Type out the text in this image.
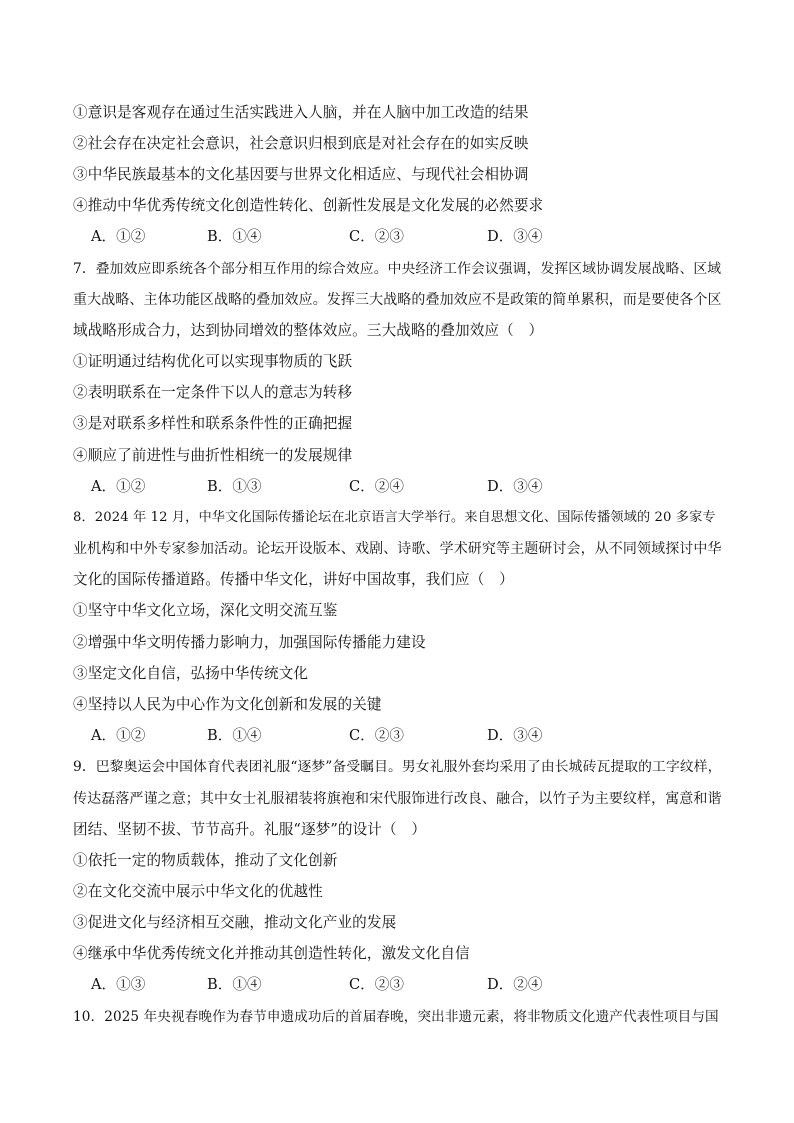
①意识是客观存在通过生活实践进入人脑，并在人脑中加工改造的结果
②社会存在决定社会意识，社会意识归根到底是对社会存在的如实反映
③中华民族最基本的文化基因要与世界文化相适应、与现代社会相协调
④推动中华优秀传统文化创造性转化、创新性发展是文化发展的必然要求
A．①②	B．①④	C．②③	D．③④
7．叠加效应即系统各个部分相互作用的综合效应。中央经济工作会议强调，发挥区域协调发展战略、区域
重大战略、主体功能区战略的叠加效应。发挥三大战略的叠加效应不是政策的简单累积，而是要使各个区
域战略形成合力，达到协同增效的整体效应。三大战略的叠加效应（　）
①证明通过结构优化可以实现事物质的飞跃
②表明联系在一定条件下以人的意志为转移
③是对联系多样性和联系条件性的正确把握
④顺应了前进性与曲折性相统一的发展规律
A．①②	B．①③	C．②④	D．③④
8．2024 年 12 月，中华文化国际传播论坛在北京语言大学举行。来自思想文化、国际传播领域的 20 多家专
业机构和中外专家参加活动。论坛开设版本、戏剧、诗歌、学术研究等主题研讨会，从不同领域探讨中华
文化的国际传播道路。传播中华文化，讲好中国故事，我们应（　）
①坚守中华文化立场，深化文明交流互鉴
②增强中华文明传播力影响力，加强国际传播能力建设
③坚定文化自信，弘扬中华传统文化
④坚持以人民为中心作为文化创新和发展的关键
A．①②	B．①④	C．②③	D．③④
9．巴黎奥运会中国体育代表团礼服“逐梦”备受瞩目。男女礼服外套均采用了由长城砖瓦提取的工字纹样，
传达磊落严谨之意；其中女士礼服裙装将旗袍和宋代服饰进行改良、融合，以竹子为主要纹样，寓意和谐
团结、坚韧不拔、节节高升。礼服“逐梦”的设计（　）
①依托一定的物质载体，推动了文化创新
②在文化交流中展示中华文化的优越性
③促进文化与经济相互交融，推动文化产业的发展
④继承中华优秀传统文化并推动其创造性转化，激发文化自信
A．①③	B．①④	C．②③	D．②④
10．2025 年央视春晚作为春节申遗成功后的首届春晚，突出非遗元素，将非物质文化遗产代表性项目与国
